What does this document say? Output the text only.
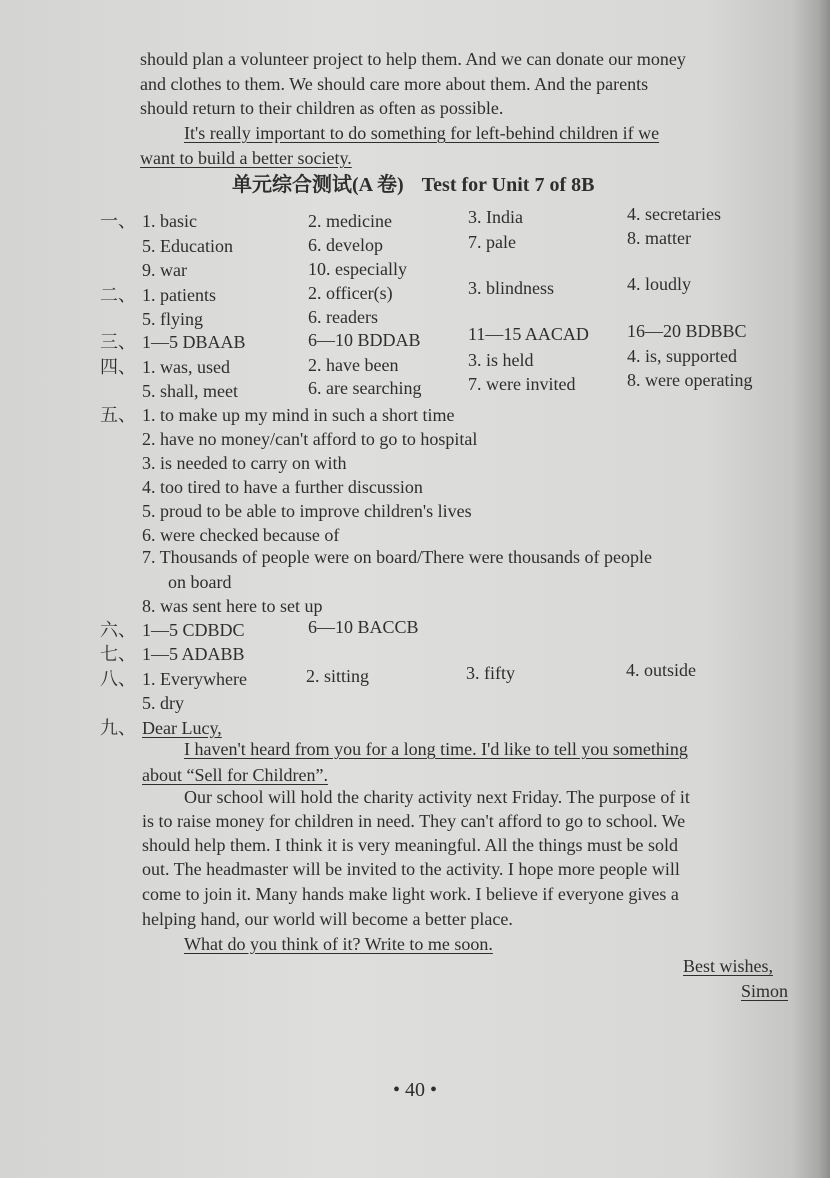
should plan a volunteer project to help them. And we can donate our money
and clothes to them. We should care more about them. And the parents
should return to their children as often as possible.
It's really important to do something for left-behind children if we
want to build a better society.
单元综合测试(A 卷) Test for Unit 7 of 8B
一、 1. basic	2. medicine	3. India	4. secretaries
5. Education	6. develop	7. pale	8. matter
9. war	10. especially
二、 1. patients	2. officer(s)	3. blindness	4. loudly
5. flying	6. readers
三、 1—5 DBAAB	6—10 BDDAB	11—15 AACAD 16—20 BDBBC
四、 1. was, used	2. have been	3. is held	4. is, supported
5. shall, meet	6. are searching	7. were invited	8. were operating
五、 1. to make up my mind in such a short time
2. have no money/can't afford to go to hospital
3. is needed to carry on with
4. too tired to have a further discussion
5. proud to be able to improve children's lives
6. were checked because of
7. Thousands of people were on board/There were thousands of people
on board
8. was sent here to set up
六、 1—5 CDBDC	6—10 BACCB
七、 1—5 ADABB
八、 1. Everywhere	2. sitting	3. fifty	4. outside
5. dry
九、 Dear Lucy,
I haven't heard from you for a long time. I'd like to tell you something
about “Sell for Children”.
Our school will hold the charity activity next Friday. The purpose of it
is to raise money for children in need. They can't afford to go to school. We
should help them. I think it is very meaningful. All the things must be sold
out. The headmaster will be invited to the activity. I hope more people will
come to join it. Many hands make light work. I believe if everyone gives a
helping hand, our world will become a better place.
What do you think of it? Write to me soon.
Best wishes,
Simon
• 40 •
